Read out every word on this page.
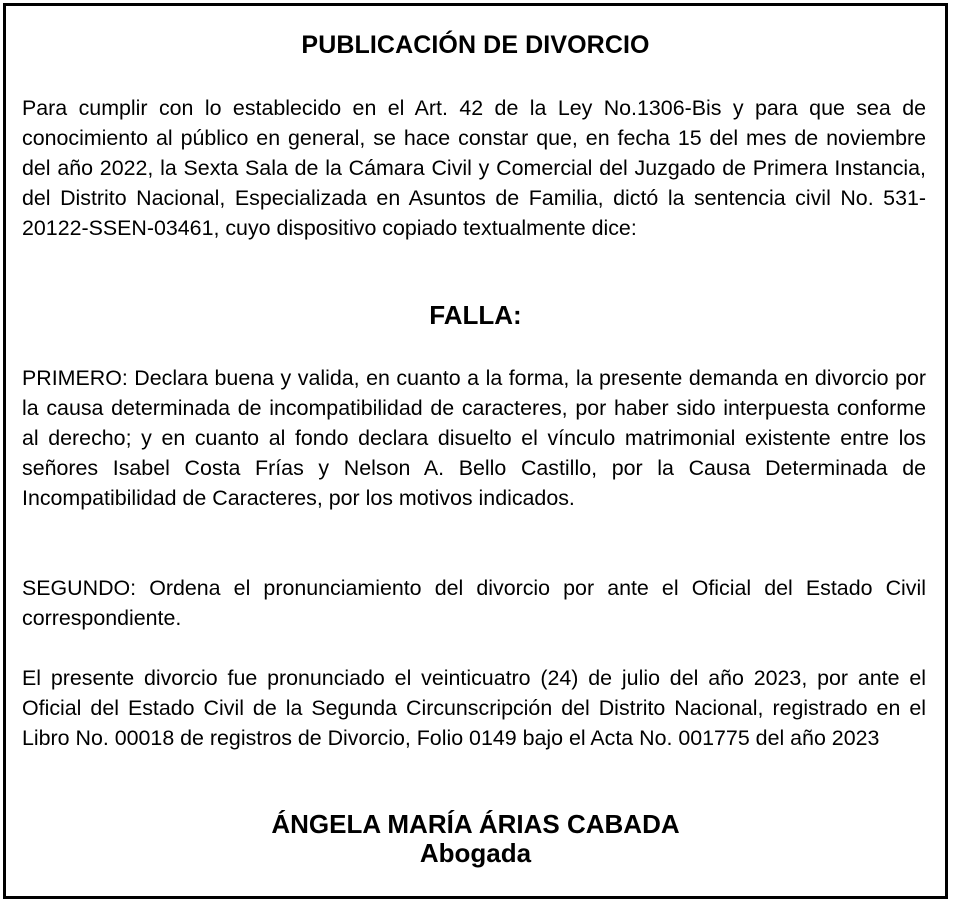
PUBLICACIÓN DE DIVORCIO

Para cumplir con lo establecido en el Art. 42 de la Ley No.1306-Bis y para que sea de conocimiento al público en general, se hace constar que, en fecha 15 del mes de noviembre del año 2022, la Sexta Sala de la Cámara Civil y Comercial del Juzgado de Primera Instancia, del Distrito Nacional, Especializada en Asuntos de Familia, dictó la sentencia civil No. 531-20122-SSEN-03461, cuyo dispositivo copiado textualmente dice:

FALLA:

PRIMERO: Declara buena y valida, en cuanto a la forma, la presente demanda en divorcio por la causa determinada de incompatibilidad de caracteres, por haber sido interpuesta conforme al derecho; y en cuanto al fondo declara disuelto el vínculo matrimonial existente entre los señores Isabel Costa Frías y Nelson A. Bello Castillo, por la Causa Determinada de Incompatibilidad de Caracteres, por los motivos indicados.

SEGUNDO: Ordena el pronunciamiento del divorcio por ante el Oficial del Estado Civil correspondiente.

El presente divorcio fue pronunciado el veinticuatro (24) de julio del año 2023, por ante el Oficial del Estado Civil de la Segunda Circunscripción del Distrito Nacional, registrado en el Libro No. 00018 de registros de Divorcio, Folio 0149 bajo el Acta No. 001775 del año 2023

ÁNGELA MARÍA ÁRIAS CABADA
Abogada
